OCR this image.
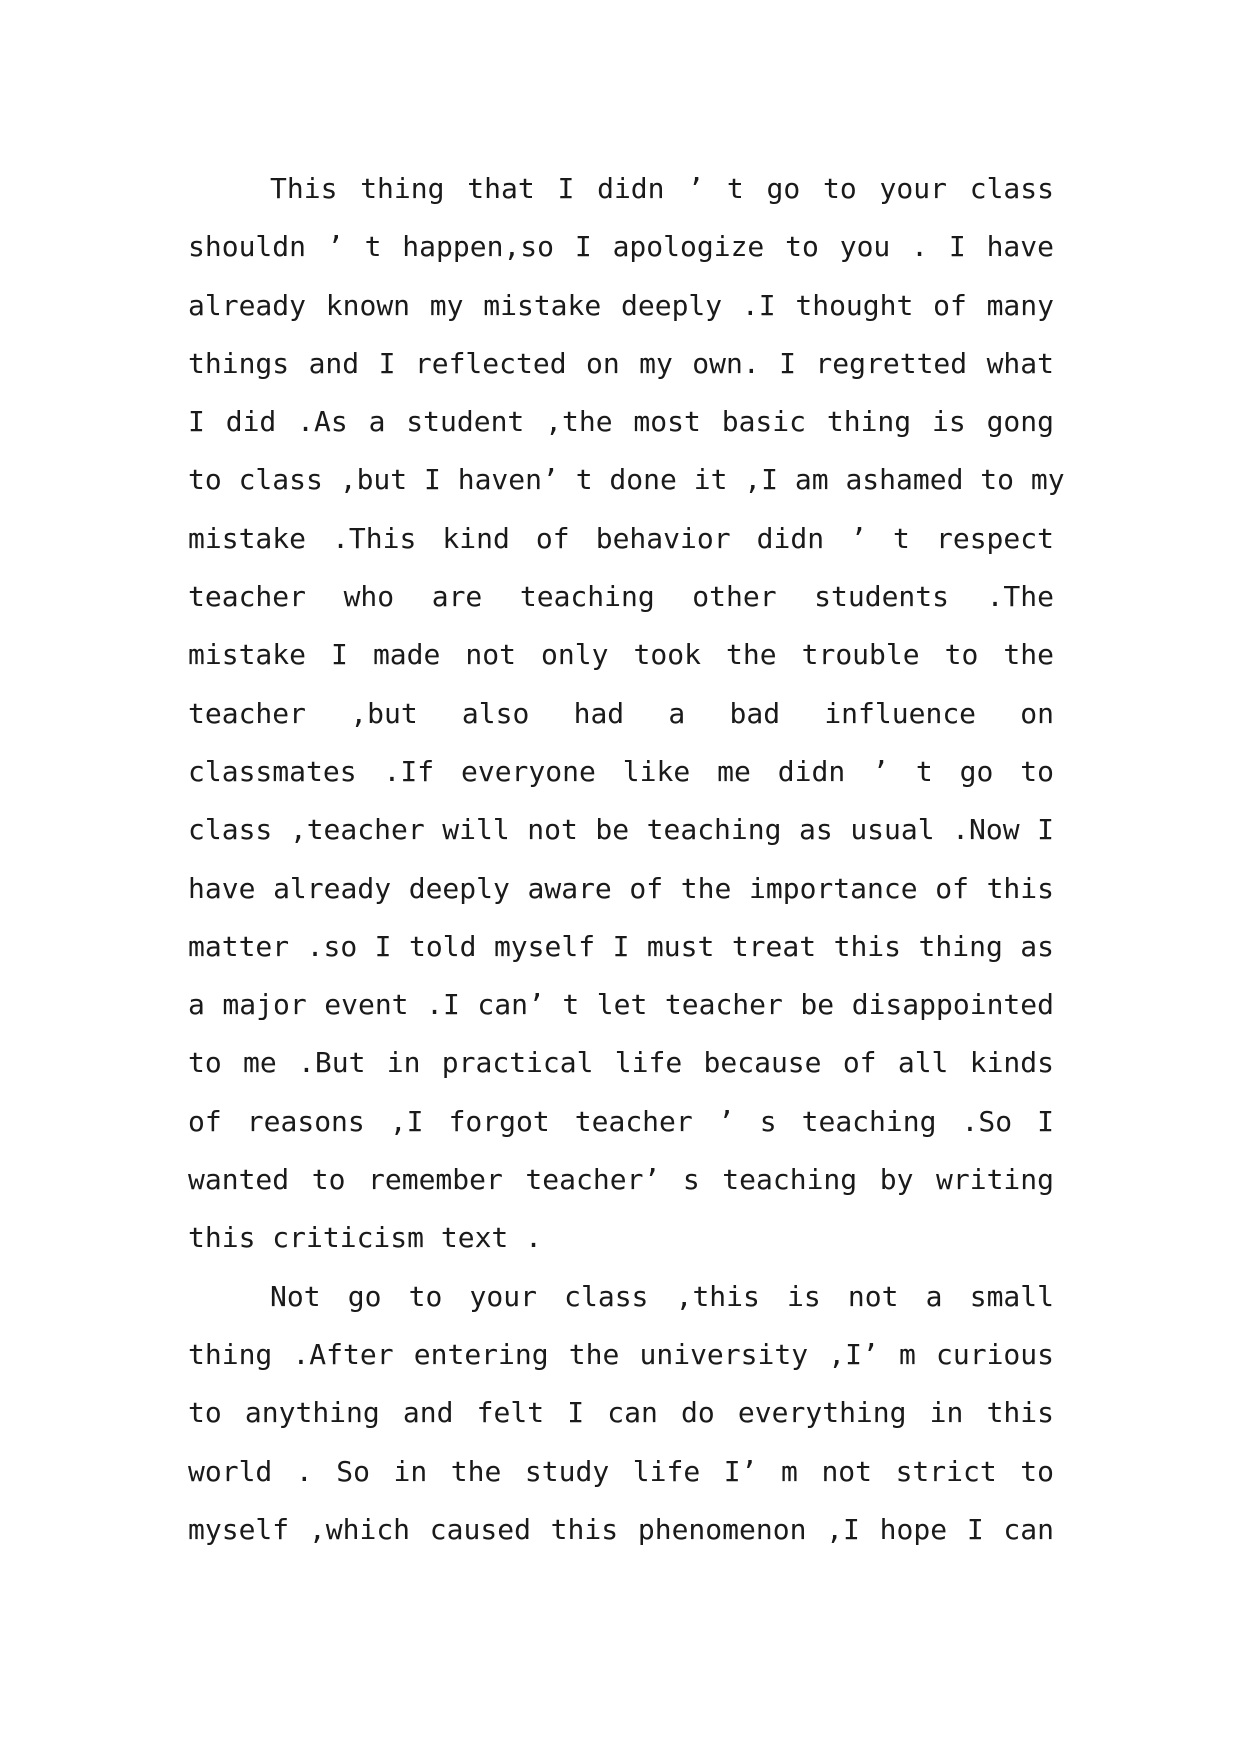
This thing that I didn ’ t go to your class
shouldn ’ t happen,so I apologize to you . I have
already known my mistake deeply .I thought of many
things and I reflected on my own. I regretted what
I did .As a student ,the most basic thing is gong
to class ,but I haven’ t done it ,I am ashamed to my
mistake .This kind of behavior didn ’ t respect
teacher who are teaching other students .The
mistake I made not only took the trouble to the
teacher ,but also had a bad influence on
classmates .If everyone like me didn ’ t go to
class ,teacher will not be teaching as usual .Now I
have already deeply aware of the importance of this
matter .so I told myself I must treat this thing as
a major event .I can’ t let teacher be disappointed
to me .But in practical life because of all kinds
of reasons ,I forgot teacher ’ s teaching .So I
wanted to remember teacher’ s teaching by writing
this criticism text .
Not go to your class ,this is not a small
thing .After entering the university ,I’ m curious
to anything and felt I can do everything in this
world . So in the study life I’ m not strict to
myself ,which caused this phenomenon ,I hope I can
